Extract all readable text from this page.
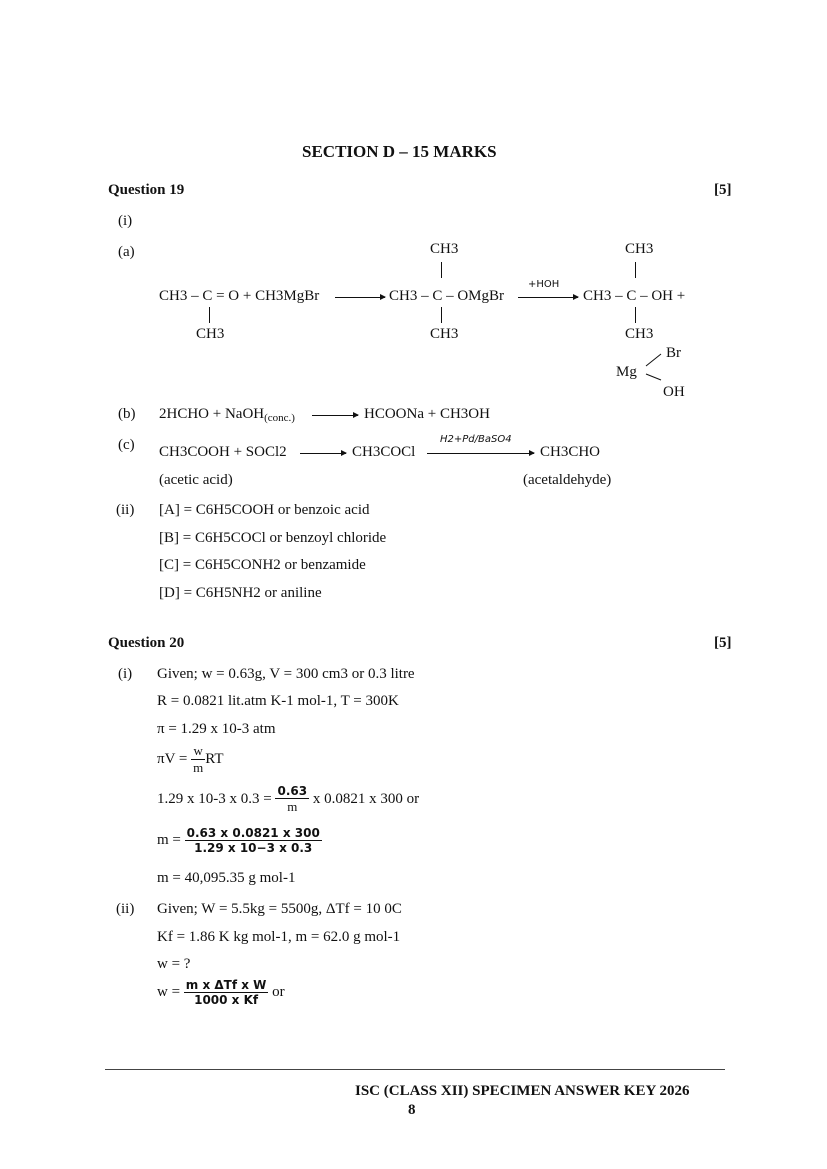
SECTION D – 15 MARKS
Question 19	[5]
(i)
(a)	CH3	CH3
CH3 – C = O + CH3MgBr	CH3 – C – OMgBr
+HOH
CH3 – C – OH +
CH3	CH3	CH3
Br
Mg
OH
(b) 2HCHO + NaOH$_{(conc.)}$	HCOONa + CH3OH
(c) CH3COOH + SOCl2	CH3COCl
H2+Pd/BaSO4
CH3CHO
(acetic acid)	(acetaldehyde)
(ii) [A] = C6H5COOH or benzoic acid
[B] = C6H5COCl or benzoyl chloride
[C] = C6H5CONH2 or benzamide
[D] = C6H5NH2 or aniline
Question 20	[5]
(i) Given; w = 0.63g, V = 300 cm3 or 0.3 litre
R = 0.0821 lit.atm K-1 mol-1, T = 300K
π = 1.29 x 10-3 atm
$\pi V = \frac{w}{m}$ RT
1.29 x 10-3 x $0.3 = \frac{0.63}{m}$ x 0.0821 x 300 or
$m = \frac{0.63 x 0.0821 x 300}{1.29 x 10-3 x 0.3}$
m = 40,095.35 g mol-1
(ii) Given; W = 5.5kg = 5500g, ΔTf = 10 0C
Kf = 1.86 K kg mol-1, m = 62.0 g mol-1
w = ?
$w = \frac{\text{m x ΔTf x W}}{\text{1000 x Kf}}$ or
ISC (CLASS XII) SPECIMEN ANSWER KEY 2026
8
